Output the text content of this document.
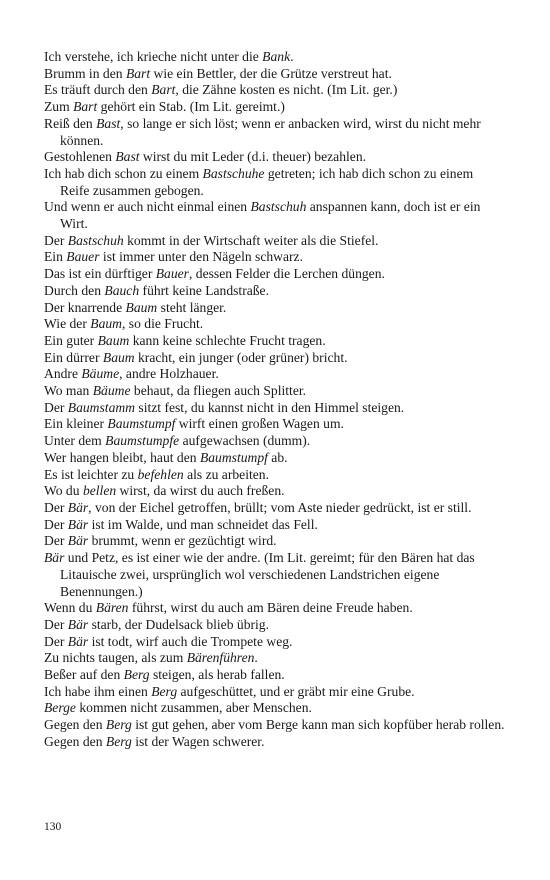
Ich verstehe, ich krieche nicht unter die Bank.

Brumm in den Bart wie ein Bettler, der die Grütze verstreut hat.

Es träuft durch den Bart, die Zähne kosten es nicht. (Im Lit. ger.)

Zum Bart gehört ein Stab. (Im Lit. gereimt.)

Reiß den Bast, so lange er sich löst; wenn er anbacken wird, wirst du nicht mehr können.

Gestohlenen Bast wirst du mit Leder (d.i. theuer) bezahlen.

Ich hab dich schon zu einem Bastschuhe getreten; ich hab dich schon zu einem Reife zusammen gebogen.

Und wenn er auch nicht einmal einen Bastschuh anspannen kann, doch ist er ein Wirt.

Der Bastschuh kommt in der Wirtschaft weiter als die Stiefel.

Ein Bauer ist immer unter den Nägeln schwarz.

Das ist ein dürftiger Bauer, dessen Felder die Lerchen düngen.

Durch den Bauch führt keine Landstraße.

Der knarrende Baum steht länger.

Wie der Baum, so die Frucht.

Ein guter Baum kann keine schlechte Frucht tragen.

Ein dürrer Baum kracht, ein junger (oder grüner) bricht.

Andre Bäume, andre Holzhauer.

Wo man Bäume behaut, da fliegen auch Splitter.

Der Baumstamm sitzt fest, du kannst nicht in den Himmel steigen.

Ein kleiner Baumstumpf wirft einen großen Wagen um.

Unter dem Baumstumpfe aufgewachsen (dumm).

Wer hangen bleibt, haut den Baumstumpf ab.

Es ist leichter zu befehlen als zu arbeiten.

Wo du bellen wirst, da wirst du auch freßen.

Der Bär, von der Eichel getroffen, brüllt; vom Aste nieder gedrückt, ist er still.

Der Bär ist im Walde, und man schneidet das Fell.

Der Bär brummt, wenn er gezüchtigt wird.

Bär und Petz, es ist einer wie der andre. (Im Lit. gereimt; für den Bären hat das Litauische zwei, ursprünglich wol verschiedenen Landstrichen eigene Benennungen.)

Wenn du Bären führst, wirst du auch am Bären deine Freude haben.

Der Bär starb, der Dudelsack blieb übrig.

Der Bär ist todt, wirf auch die Trompete weg.

Zu nichts taugen, als zum Bärenführen.

Beßer auf den Berg steigen, als herab fallen.

Ich habe ihm einen Berg aufgeschüttet, und er gräbt mir eine Grube.

Berge kommen nicht zusammen, aber Menschen.

Gegen den Berg ist gut gehen, aber vom Berge kann man sich kopfüber herab rollen.

Gegen den Berg ist der Wagen schwerer.

130
